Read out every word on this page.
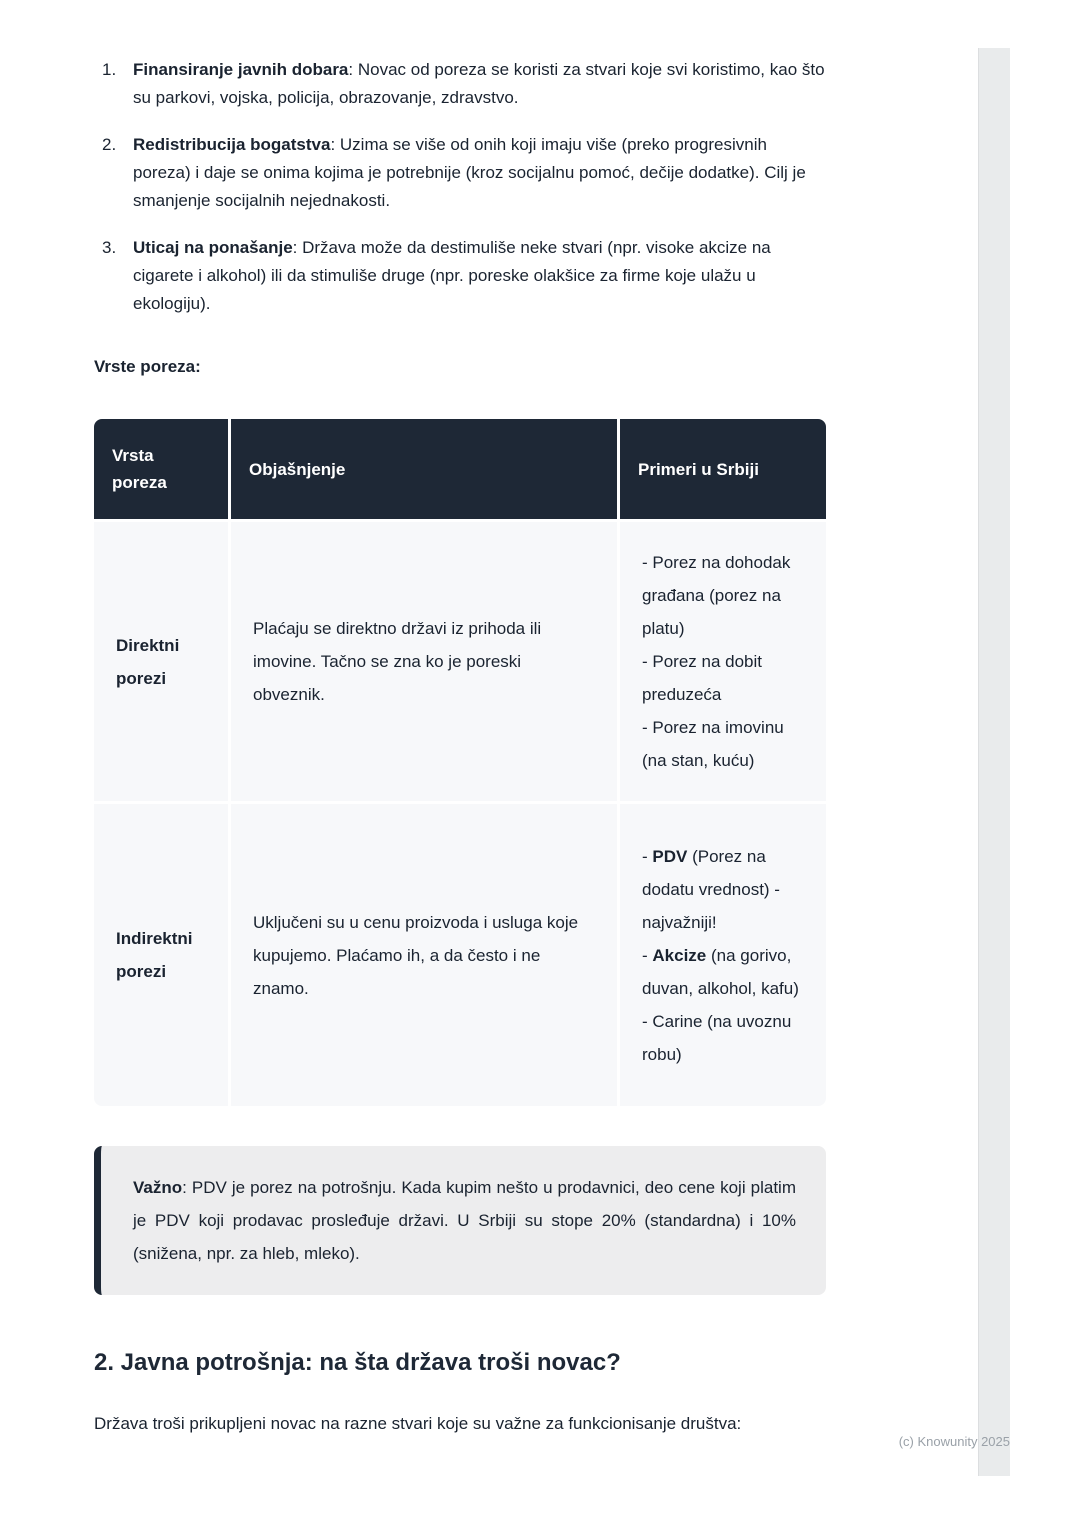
1. Finansiranje javnih dobara: Novac od poreza se koristi za stvari koje svi koristimo, kao što su parkovi, vojska, policija, obrazovanje, zdravstvo.
2. Redistribucija bogatstva: Uzima se više od onih koji imaju više (preko progresivnih poreza) i daje se onima kojima je potrebnije (kroz socijalnu pomoć, dečije dodatke). Cilj je smanjenje socijalnih nejednakosti.
3. Uticaj na ponašanje: Država može da destimuliše neke stvari (npr. visoke akcize na cigarete i alkohol) ili da stimuliše druge (npr. poreske olakšice za firme koje ulažu u ekologiju).
Vrste poreza:
Vrsta poreza
Objašnjenje	Primeri u Srbiji
Direktni porezi
Plaćaju se direktno državi iz prihoda ili imovine. Tačno se zna ko je poreski obveznik.
- Porez na dohodak građana (porez na platu)
- Porez na dobit preduzeća
- Porez na imovinu (na stan, kuću)
Indirektni porezi
Uključeni su u cenu proizvoda i usluga koje kupujemo. Plaćamo ih, a da često i ne znamo.
- PDV (Porez na dodatu vrednost) - najvažniji!
- Akcize (na gorivo, duvan, alkohol, kafu)
- Carine (na uvoznu robu)
Važno: PDV je porez na potrošnju. Kada kupim nešto u prodavnici, deo cene koji platim je PDV koji prodavac prosleđuje državi. U Srbiji su stope 20% (standardna) i 10% (snižena, npr. za hleb, mleko).
2. Javna potrošnja: na šta država troši novac?

Država troši prikupljeni novac na razne stvari koje su važne za funkcionisanje društva:

(c) Knowunity 2025
